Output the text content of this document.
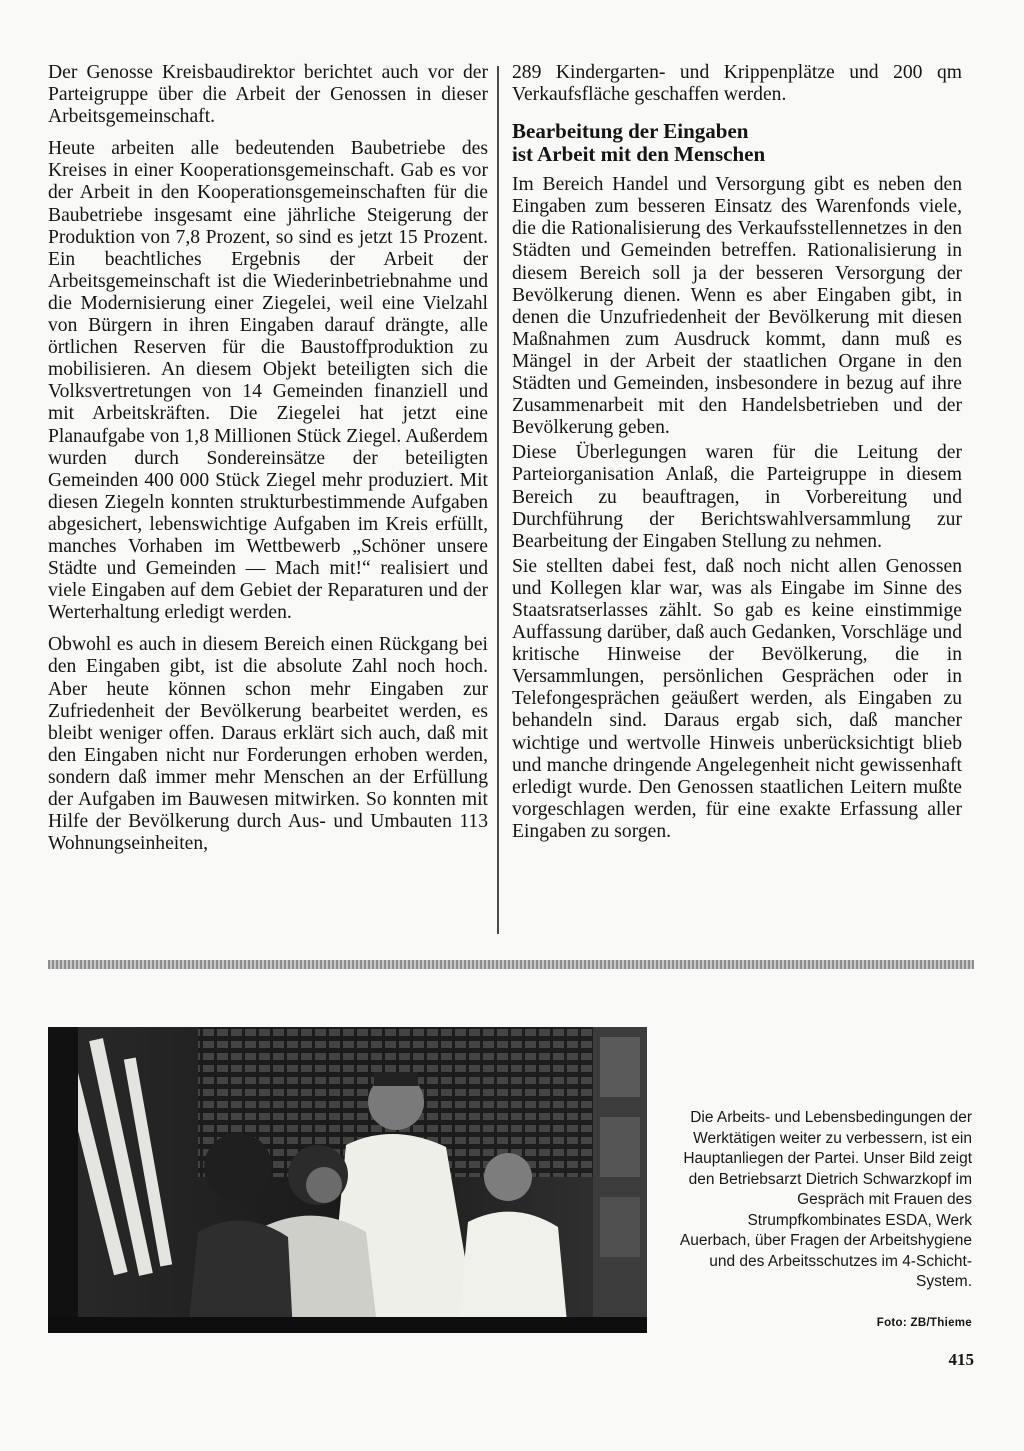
Der Genosse Kreisbaudirektor berichtet auch vor der Parteigruppe über die Arbeit der Genossen in dieser Arbeitsgemeinschaft.

Heute arbeiten alle bedeutenden Baubetriebe des Kreises in einer Kooperationsgemeinschaft. Gab es vor der Arbeit in den Kooperationsgemeinschaften für die Baubetriebe insgesamt eine jährliche Steigerung der Produktion von 7,8 Prozent, so sind es jetzt 15 Prozent. Ein beachtliches Ergebnis der Arbeit der Arbeitsgemeinschaft ist die Wiederinbetriebnahme und die Modernisierung einer Ziegelei, weil eine Vielzahl von Bürgern in ihren Eingaben darauf drängte, alle örtlichen Reserven für die Baustoffproduktion zu mobilisieren. An diesem Objekt beteiligten sich die Volksvertretungen von 14 Gemeinden finanziell und mit Arbeitskräften. Die Ziegelei hat jetzt eine Planaufgabe von 1,8 Millionen Stück Ziegel. Außerdem wurden durch Sondereinsätze der beteiligten Gemeinden 400 000 Stück Ziegel mehr produziert. Mit diesen Ziegeln konnten strukturbestimmende Aufgaben abgesichert, lebenswichtige Aufgaben im Kreis erfüllt, manches Vorhaben im Wettbewerb „Schöner unsere Städte und Gemeinden — Mach mit!“ realisiert und viele Eingaben auf dem Gebiet der Reparaturen und der Werterhaltung erledigt werden.

Obwohl es auch in diesem Bereich einen Rückgang bei den Eingaben gibt, ist die absolute Zahl noch hoch. Aber heute können schon mehr Eingaben zur Zufriedenheit der Bevölkerung bearbeitet werden, es bleibt weniger offen. Daraus erklärt sich auch, daß mit den Eingaben nicht nur Forderungen erhoben werden, sondern daß immer mehr Menschen an der Erfüllung der Aufgaben im Bauwesen mitwirken. So konnten mit Hilfe der Bevölkerung durch Aus- und Umbauten 113 Wohnungseinheiten,

289 Kindergarten- und Krippenplätze und 200 qm Verkaufsfläche geschaffen werden.

Bearbeitung der Eingaben
ist Arbeit mit den Menschen

Im Bereich Handel und Versorgung gibt es neben den Eingaben zum besseren Einsatz des Warenfonds viele, die die Rationalisierung des Verkaufsstellennetzes in den Städten und Gemeinden betreffen. Rationalisierung in diesem Bereich soll ja der besseren Versorgung der Bevölkerung dienen. Wenn es aber Eingaben gibt, in denen die Unzufriedenheit der Bevölkerung mit diesen Maßnahmen zum Ausdruck kommt, dann muß es Mängel in der Arbeit der staatlichen Organe in den Städten und Gemeinden, insbesondere in bezug auf ihre Zusammenarbeit mit den Handelsbetrieben und der Bevölkerung geben.

Diese Überlegungen waren für die Leitung der Parteiorganisation Anlaß, die Parteigruppe in diesem Bereich zu beauftragen, in Vorbereitung und Durchführung der Berichtswahlversammlung zur Bearbeitung der Eingaben Stellung zu nehmen.

Sie stellten dabei fest, daß noch nicht allen Genossen und Kollegen klar war, was als Eingabe im Sinne des Staatsratserlasses zählt. So gab es keine einstimmige Auffassung darüber, daß auch Gedanken, Vorschläge und kritische Hinweise der Bevölkerung, die in Versammlungen, persönlichen Gesprächen oder in Telefongesprächen geäußert werden, als Eingaben zu behandeln sind. Daraus ergab sich, daß mancher wichtige und wertvolle Hinweis unberücksichtigt blieb und manche dringende Angelegenheit nicht gewissenhaft erledigt wurde. Den Genossen staatlichen Leitern mußte vorgeschlagen werden, für eine exakte Erfassung aller Eingaben zu sorgen.

Die Arbeits- und Lebensbedingungen der Werktätigen weiter zu verbessern, ist ein Hauptanliegen der Partei. Unser Bild zeigt den Betriebsarzt Dietrich Schwarzkopf im Gespräch mit Frauen des Strumpfkombinates ESDA, Werk Auerbach, über Fragen der Arbeitshygiene und des Arbeitsschutzes im 4-Schicht-System.
Foto: ZB/Thieme
415
